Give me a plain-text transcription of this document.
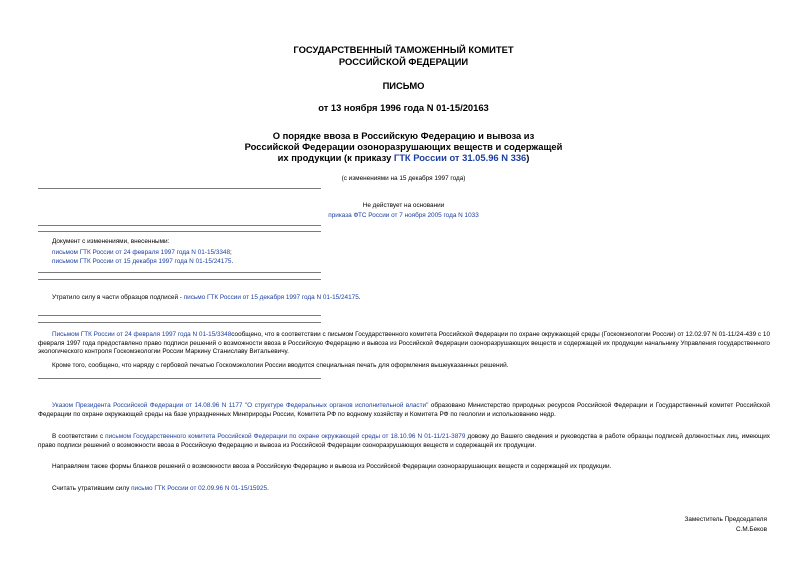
ГОСУДАРСТВЕННЫЙ ТАМОЖЕННЫЙ КОМИТЕТ
РОССИЙСКОЙ ФЕДЕРАЦИИ
ПИСЬМО
от 13 ноября 1996 года N 01-15/20163
О порядке ввоза в Российскую Федерацию и вывоза из
Российской Федерации озоноразрушающих веществ и содержащей
их продукции (к приказу ГТК России от 31.05.96 N 336)
(с изменениями на 15 декабря 1997 года)
Не действует на основании
приказа ФТС России от 7 ноября 2005 года N 1033
Документ с изменениями, внесенными:
письмом ГТК России от 24 февраля 1997 года N 01-15/3348;
письмом ГТК России от 15 декабря 1997 года N 01-15/24175.
Утратило силу в части образцов подписей - письмо ГТК России от 15 декабря 1997 года N 01-15/24175.
Письмом ГТК России от 24 февраля 1997 года N 01-15/3348сообщено, что в соответствии с письмом Государственного комитета Российской Федерации по охране окружающей среды (Госкомэкологии России) от 12.02.97 N 01-11/24-439 с 10 февраля 1997 года предоставлено право подписи решений о возможности ввоза в Российскую Федерацию и вывоза из Российской Федерации озоноразрушающих веществ и содержащей их продукции начальнику Управления государственного экологического контроля Госкомэкологии России Маркину Станиславу Витальевичу.
Кроме того, сообщено, что наряду с гербовой печатью Госкомэкологии России вводится специальная печать для оформления вышеуказанных решений.
Указом Президента Российской Федерации от 14.08.96 N 1177 "О структуре Федеральных органов исполнительной власти" образовано Министерство природных ресурсов Российской Федерации и Государственный комитет Российской Федерации по охране окружающей среды на базе упраздненных Минприроды России, Комитета РФ по водному хозяйству и Комитета РФ по геологии и использованию недр.
В соответствии с письмом Государственного комитета Российской Федерации по охране окружающей среды от 18.10.96 N 01-11/21-3879 довожу до Вашего сведения и руководства в работе образцы подписей должностных лиц, имеющих право подписи решений о возможности ввоза в Российскую Федерацию и вывоза из Российской Федерации озоноразрушающих веществ и содержащей их продукции.
Направляем также формы бланков решений о возможности ввоза в Российскую Федерацию и вывоза из Российской Федерации озоноразрушающих веществ и содержащей их продукции.
Считать утратившим силу письмо ГТК России от 02.09.96 N 01-15/15925.
Заместитель Председателя
С.М.Беков
